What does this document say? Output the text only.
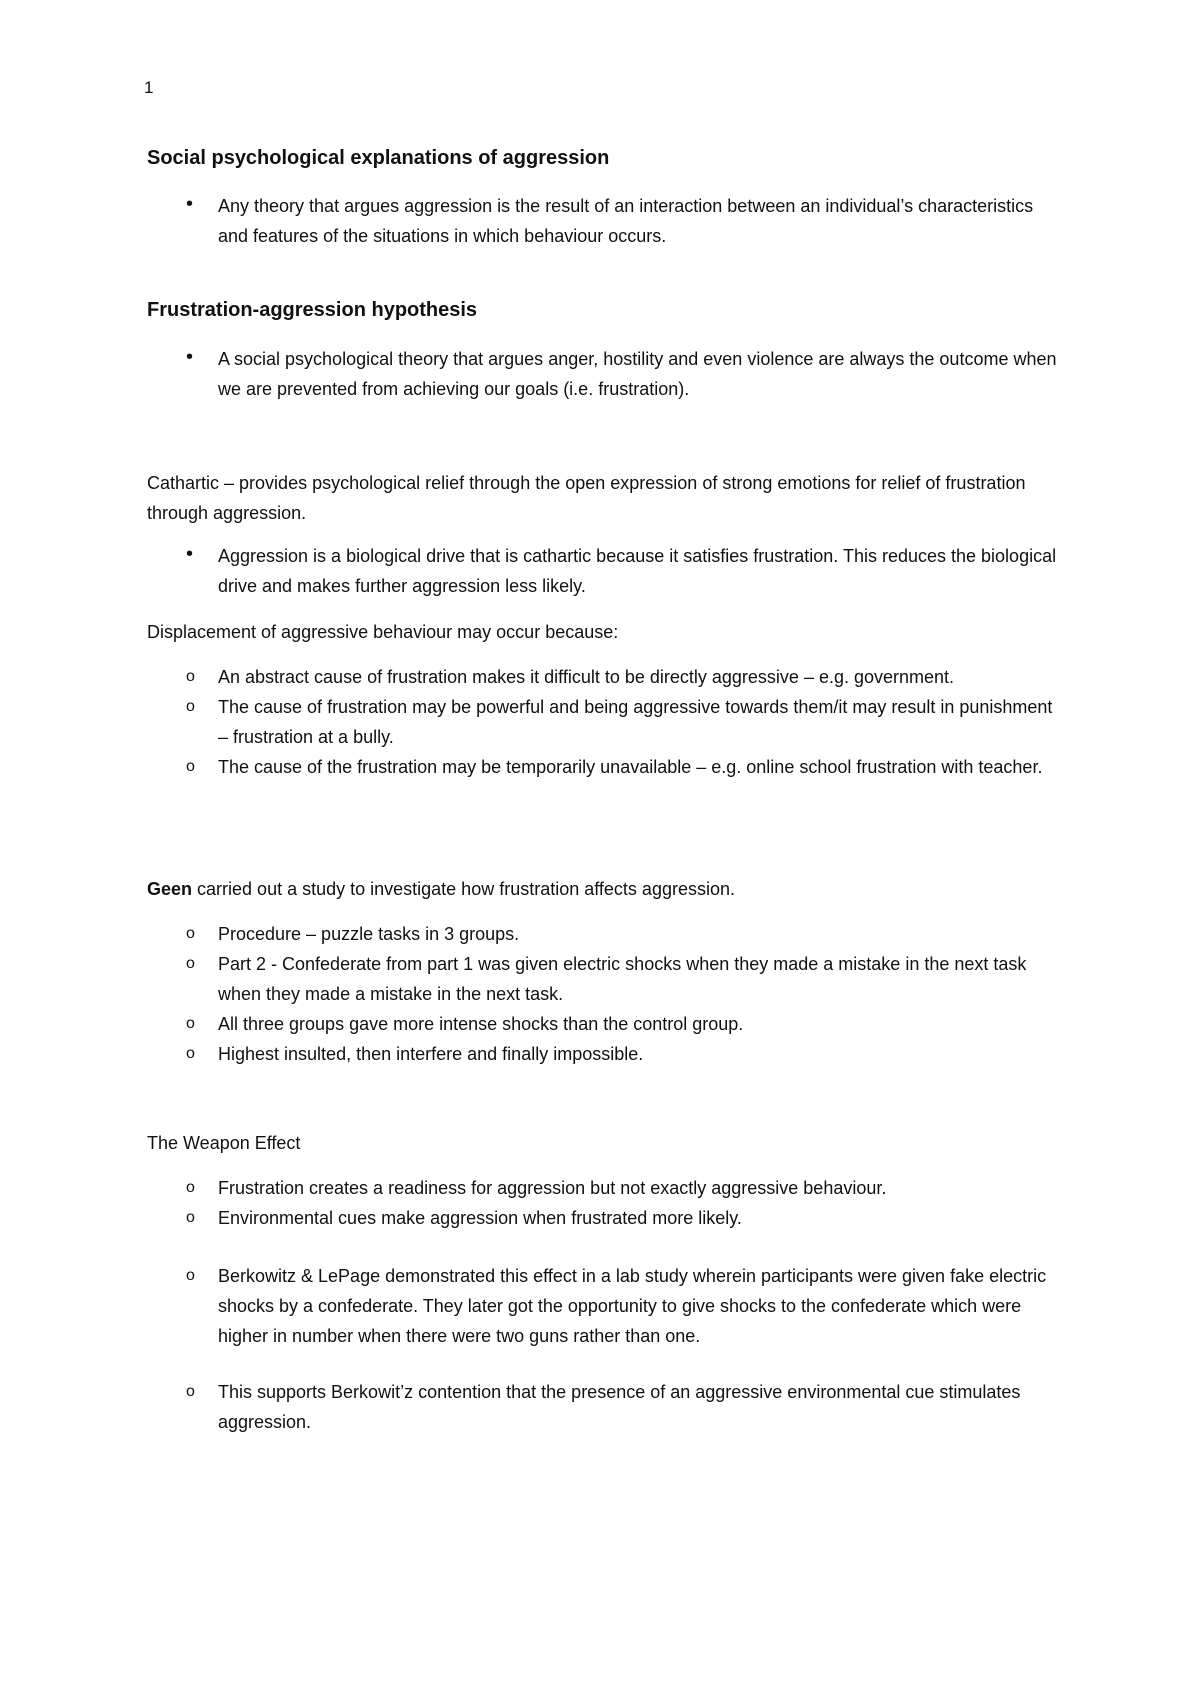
1
Social psychological explanations of aggression
•	Any theory that argues aggression is the result of an interaction between an individual’s characteristics and features of the situations in which behaviour occurs.
Frustration-aggression hypothesis
•	A social psychological theory that argues anger, hostility and even violence are always the outcome when we are prevented from achieving our goals (i.e. frustration).
Cathartic – provides psychological relief through the open expression of strong emotions for relief of frustration through aggression.
•	Aggression is a biological drive that is cathartic because it satisfies frustration. This reduces the biological drive and makes further aggression less likely.
Displacement of aggressive behaviour may occur because:
o	An abstract cause of frustration makes it difficult to be directly aggressive – e.g. government.
o	The cause of frustration may be powerful and being aggressive towards them/it may result in punishment – frustration at a bully.
o	The cause of the frustration may be temporarily unavailable – e.g. online school frustration with teacher.
Geen carried out a study to investigate how frustration affects aggression.
o	Procedure – puzzle tasks in 3 groups.
o	Part 2 - Confederate from part 1 was given electric shocks when they made a mistake in the next task when they made a mistake in the next task.
o	All three groups gave more intense shocks than the control group.
o	Highest insulted, then interfere and finally impossible.
The Weapon Effect
o	Frustration creates a readiness for aggression but not exactly aggressive behaviour.
o	Environmental cues make aggression when frustrated more likely.
o	Berkowitz & LePage demonstrated this effect in a lab study wherein participants were given fake electric shocks by a confederate. They later got the opportunity to give shocks to the confederate which were higher in number when there were two guns rather than one.
o	This supports Berkowit’z contention that the presence of an aggressive environmental cue stimulates aggression.
